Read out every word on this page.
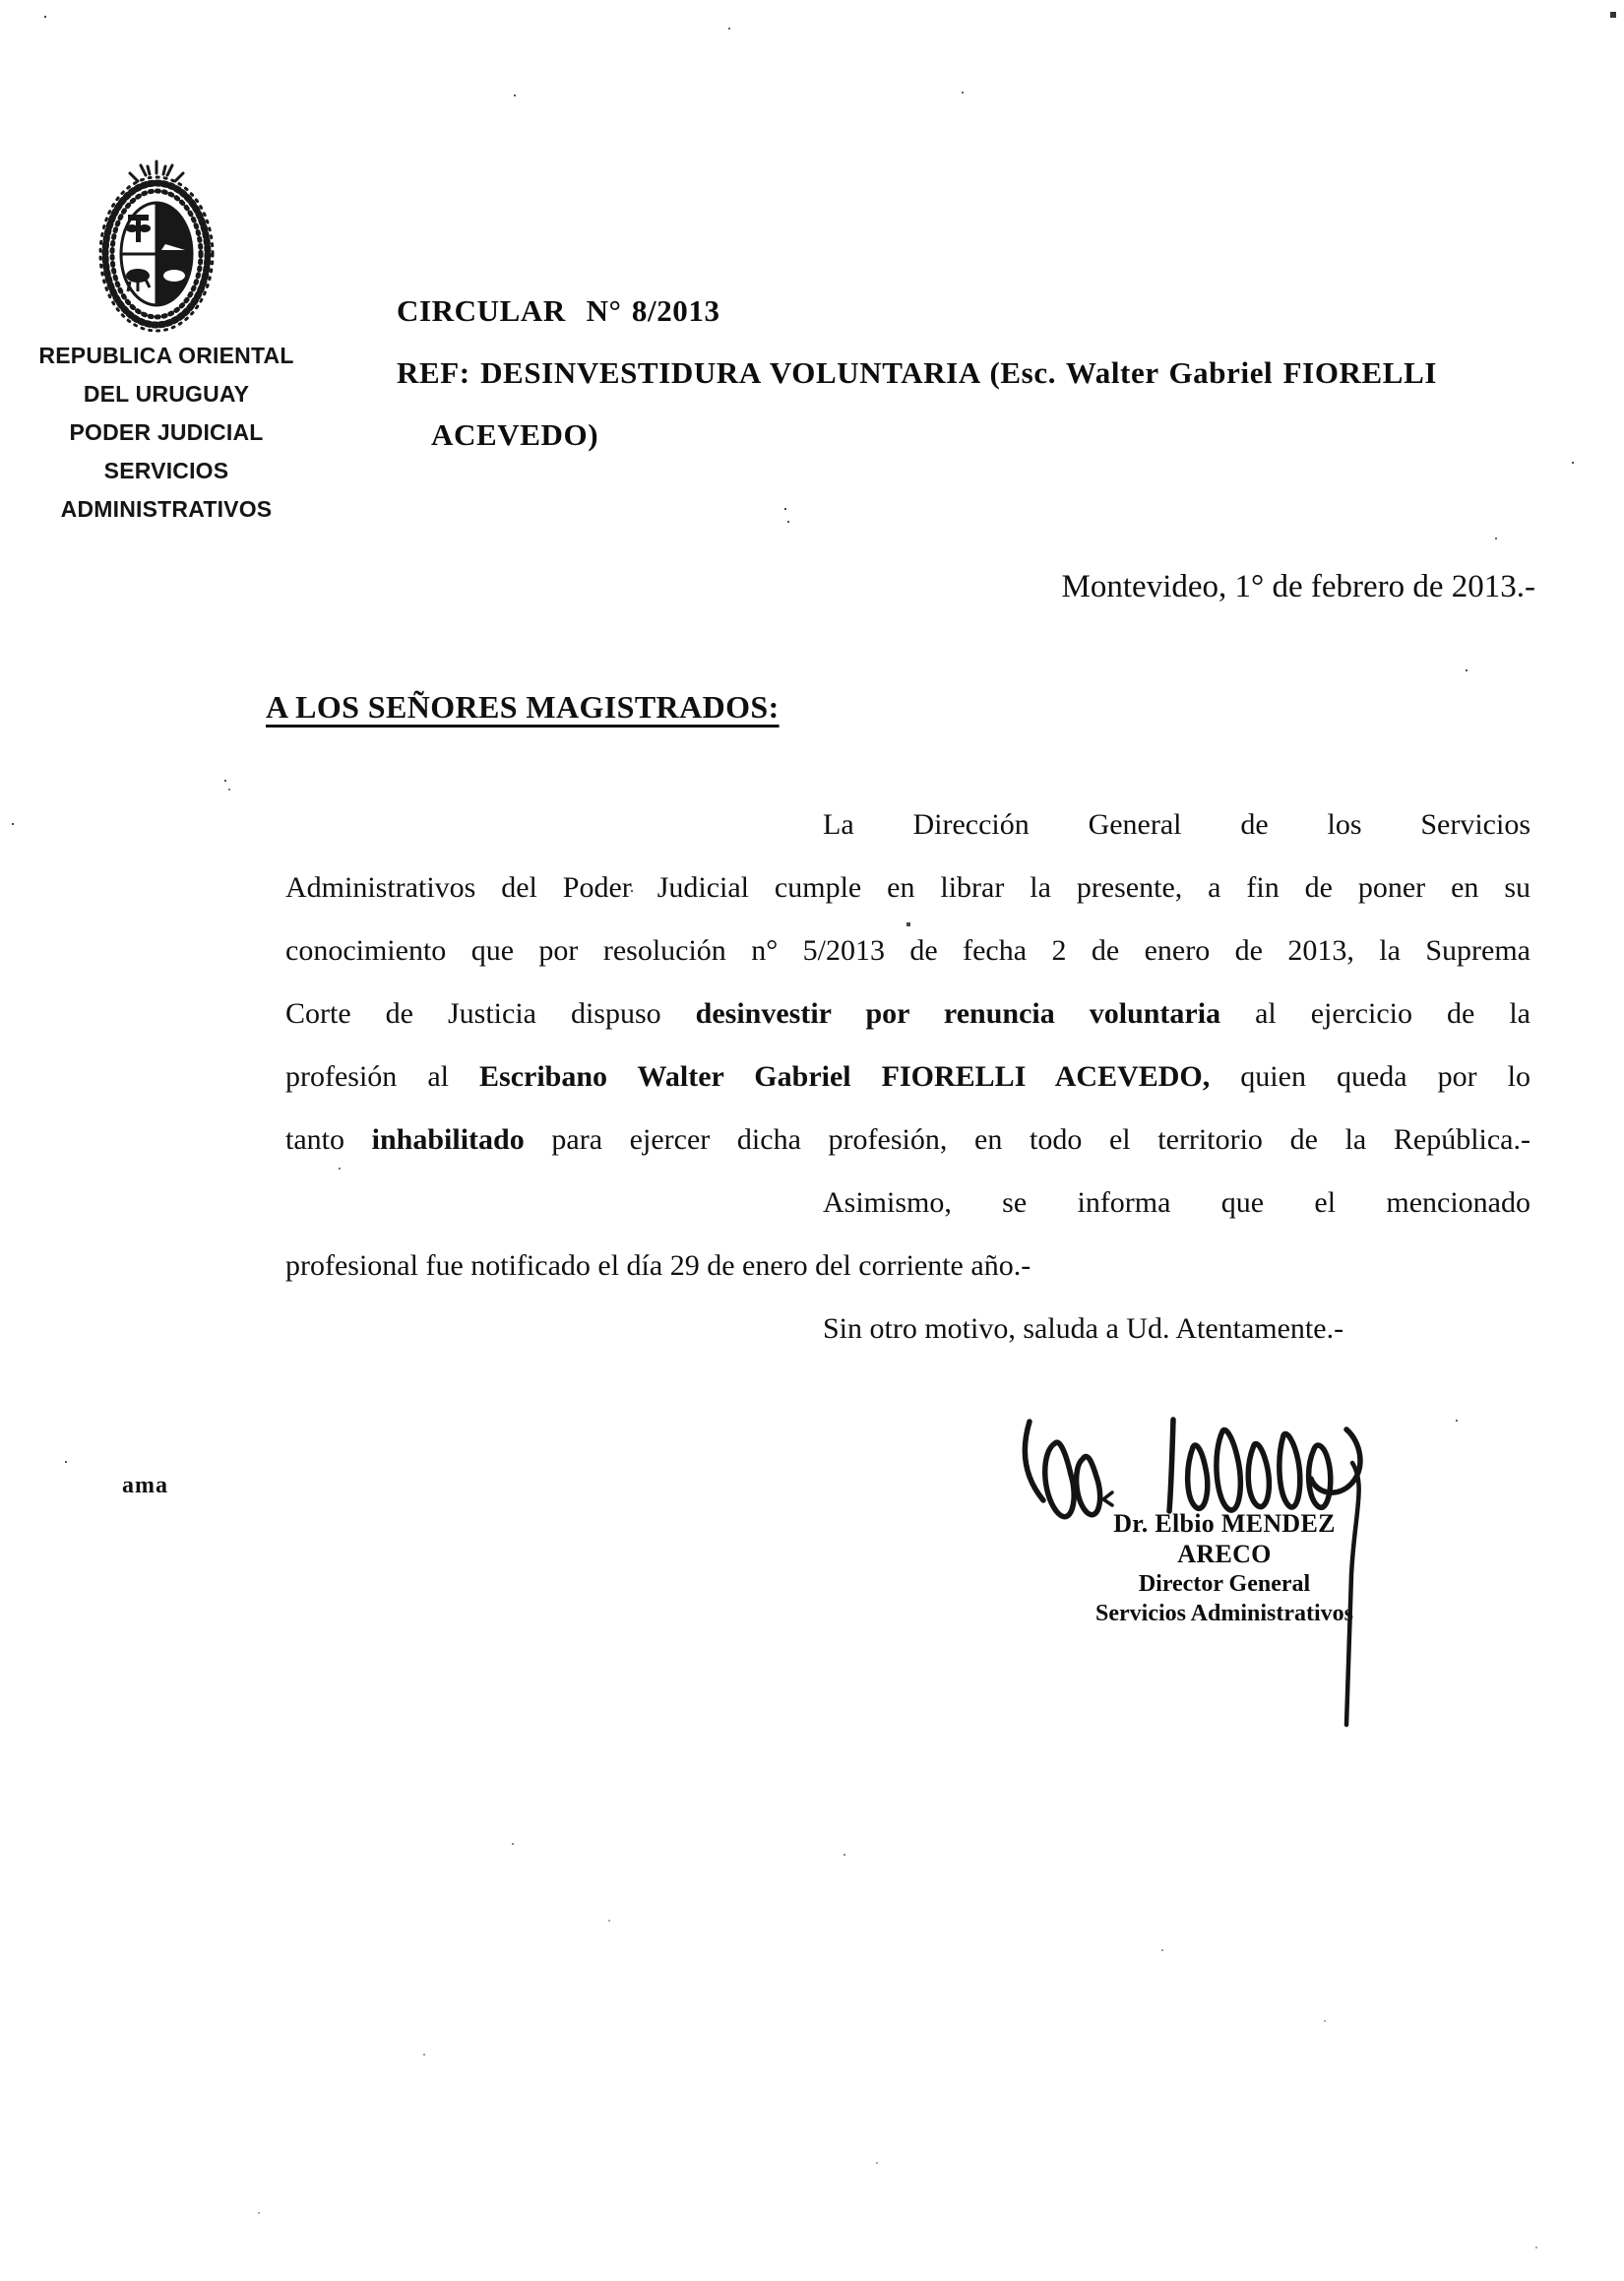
REPUBLICA ORIENTAL
DEL URUGUAY
PODER JUDICIAL
SERVICIOS
ADMINISTRATIVOS
CIRCULAR  N° 8/2013
REF: DESINVESTIDURA VOLUNTARIA (Esc. Walter Gabriel FIORELLI
ACEVEDO)
Montevideo, 1° de febrero de 2013.-
A LOS SEÑORES MAGISTRADOS:
La Dirección General de los Servicios
Administrativos del Poder Judicial cumple en librar la presente, a fin de poner en su
conocimiento que por resolución n° 5/2013 de fecha 2 de enero de 2013, la Suprema
Corte de Justicia dispuso desinvestir por renuncia voluntaria al ejercicio de la
profesión al Escribano Walter Gabriel FIORELLI ACEVEDO, quien queda por lo
tanto inhabilitado para ejercer dicha profesión, en todo el territorio de la República.-
Asimismo, se informa que el mencionado
profesional fue notificado el día 29 de enero del corriente año.-
Sin otro motivo, saluda a Ud. Atentamente.-
ama
Dr. Elbio MENDEZ ARECO
Director General
Servicios Administrativos
